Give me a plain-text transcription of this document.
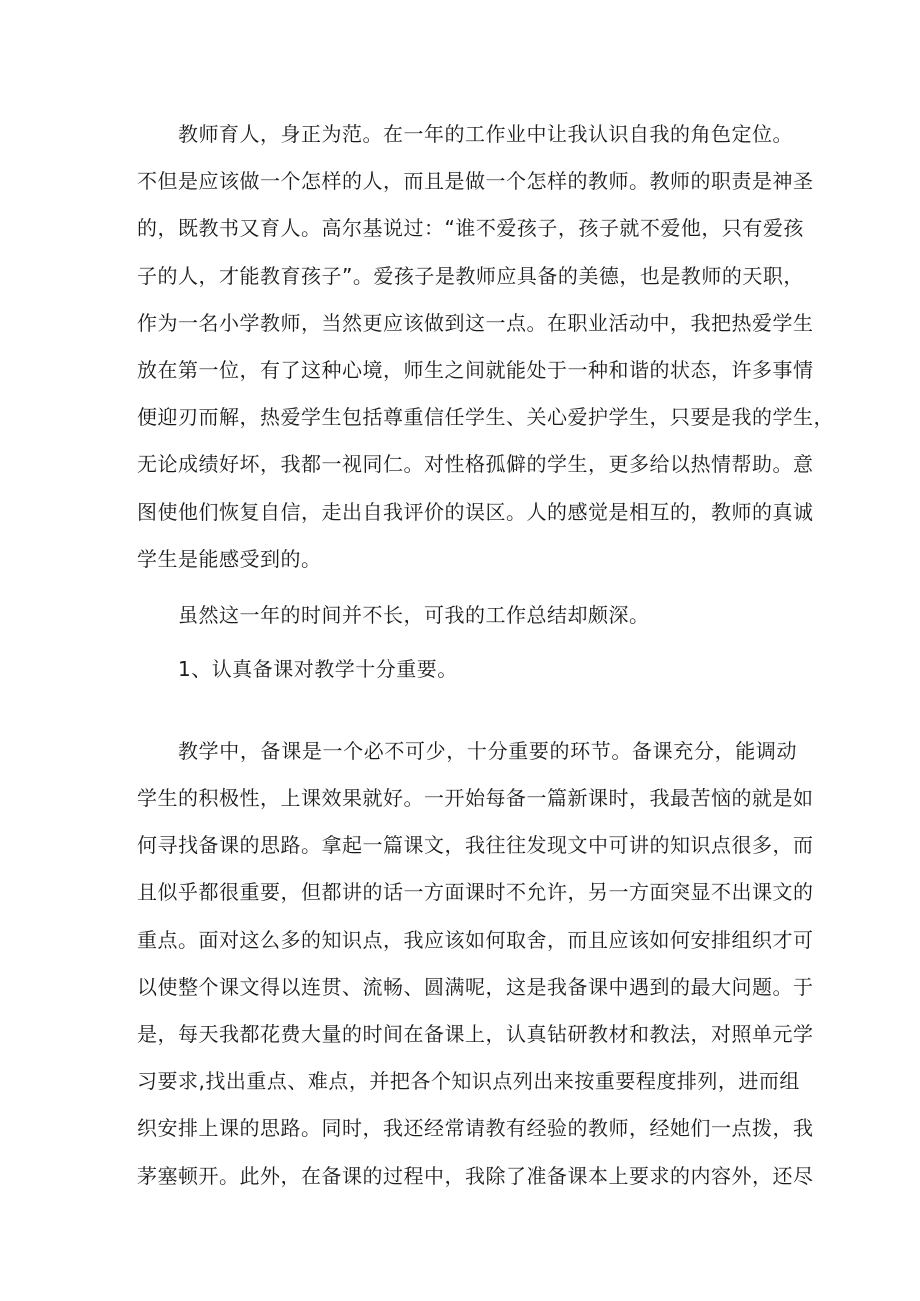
教师育人，身正为范。在一年的工作业中让我认识自我的角色定位。
不但是应该做一个怎样的人，而且是做一个怎样的教师。教师的职责是神圣
的，既教书又育人。高尔基说过：“谁不爱孩子，孩子就不爱他，只有爱孩
子的人，才能教育孩子”。爱孩子是教师应具备的美德，也是教师的天职，
作为一名小学教师，当然更应该做到这一点。在职业活动中，我把热爱学生
放在第一位，有了这种心境，师生之间就能处于一种和谐的状态，许多事情
便迎刃而解，热爱学生包括尊重信任学生、关心爱护学生，只要是我的学生，
无论成绩好坏，我都一视同仁。对性格孤僻的学生，更多给以热情帮助。意
图使他们恢复自信，走出自我评价的误区。人的感觉是相互的，教师的真诚
学生是能感受到的。
虽然这一年的时间并不长，可我的工作总结却颇深。
1、认真备课对教学十分重要。
教学中，备课是一个必不可少，十分重要的环节。备课充分，能调动
学生的积极性，上课效果就好。一开始每备一篇新课时，我最苦恼的就是如
何寻找备课的思路。拿起一篇课文，我往往发现文中可讲的知识点很多，而
且似乎都很重要，但都讲的话一方面课时不允许，另一方面突显不出课文的
重点。面对这么多的知识点，我应该如何取舍，而且应该如何安排组织才可
以使整个课文得以连贯、流畅、圆满呢，这是我备课中遇到的最大问题。于
是，每天我都花费大量的时间在备课上，认真钻研教材和教法，对照单元学
习要求,找出重点、难点，并把各个知识点列出来按重要程度排列，进而组
织安排上课的思路。同时，我还经常请教有经验的教师，经她们一点拨，我
茅塞顿开。此外，在备课的过程中，我除了准备课本上要求的内容外，还尽
